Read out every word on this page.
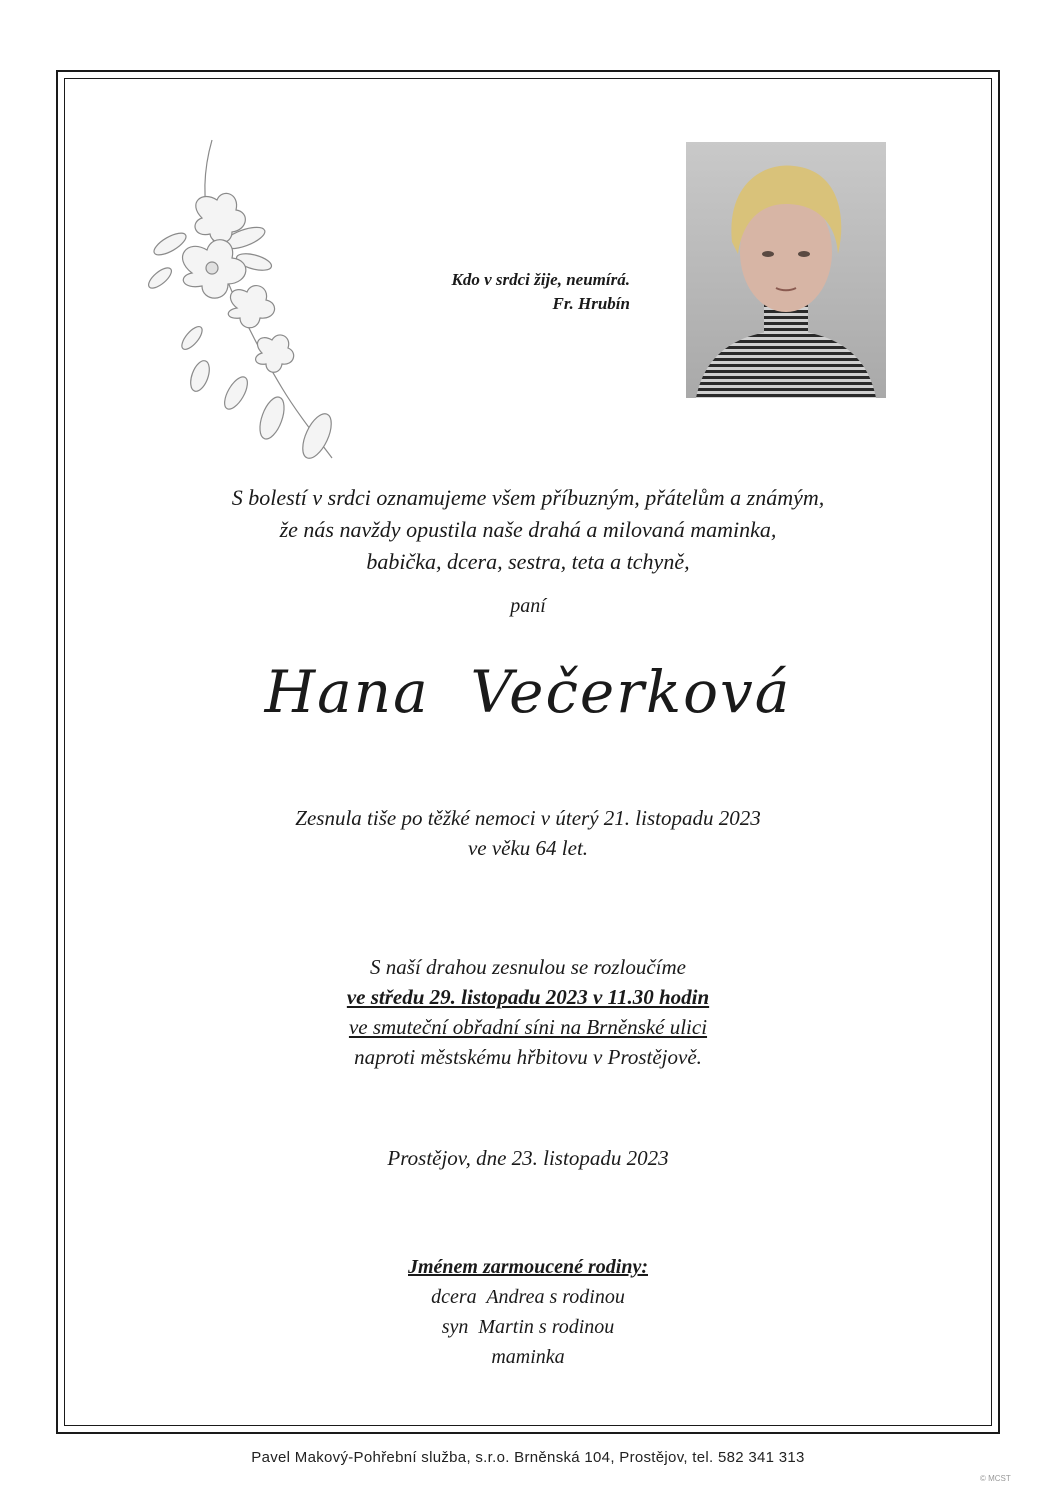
Kdo v srdci žije, neumírá.
Fr. Hrubín
S bolestí v srdci oznamujeme všem příbuzným, přátelům a známým,
že nás navždy opustila naše drahá a milovaná maminka,
babička, dcera, sestra, teta a tchyně,
paní
Hana  Večerková
Zesnula tiše po těžké nemoci v úterý 21. listopadu 2023
ve věku 64 let.
S naší drahou zesnulou se rozloučíme
ve středu 29. listopadu 2023 v 11.30 hodin
ve smuteční obřadní síni na Brněnské ulici
naproti městskému hřbitovu v Prostějově.
Prostějov, dne 23. listopadu 2023
Jménem zarmoucené rodiny:
dcera  Andrea s rodinou
syn  Martin s rodinou
maminka
Pavel Makový-Pohřební služba, s.r.o. Brněnská 104, Prostějov, tel. 582 341 313
© MCST
